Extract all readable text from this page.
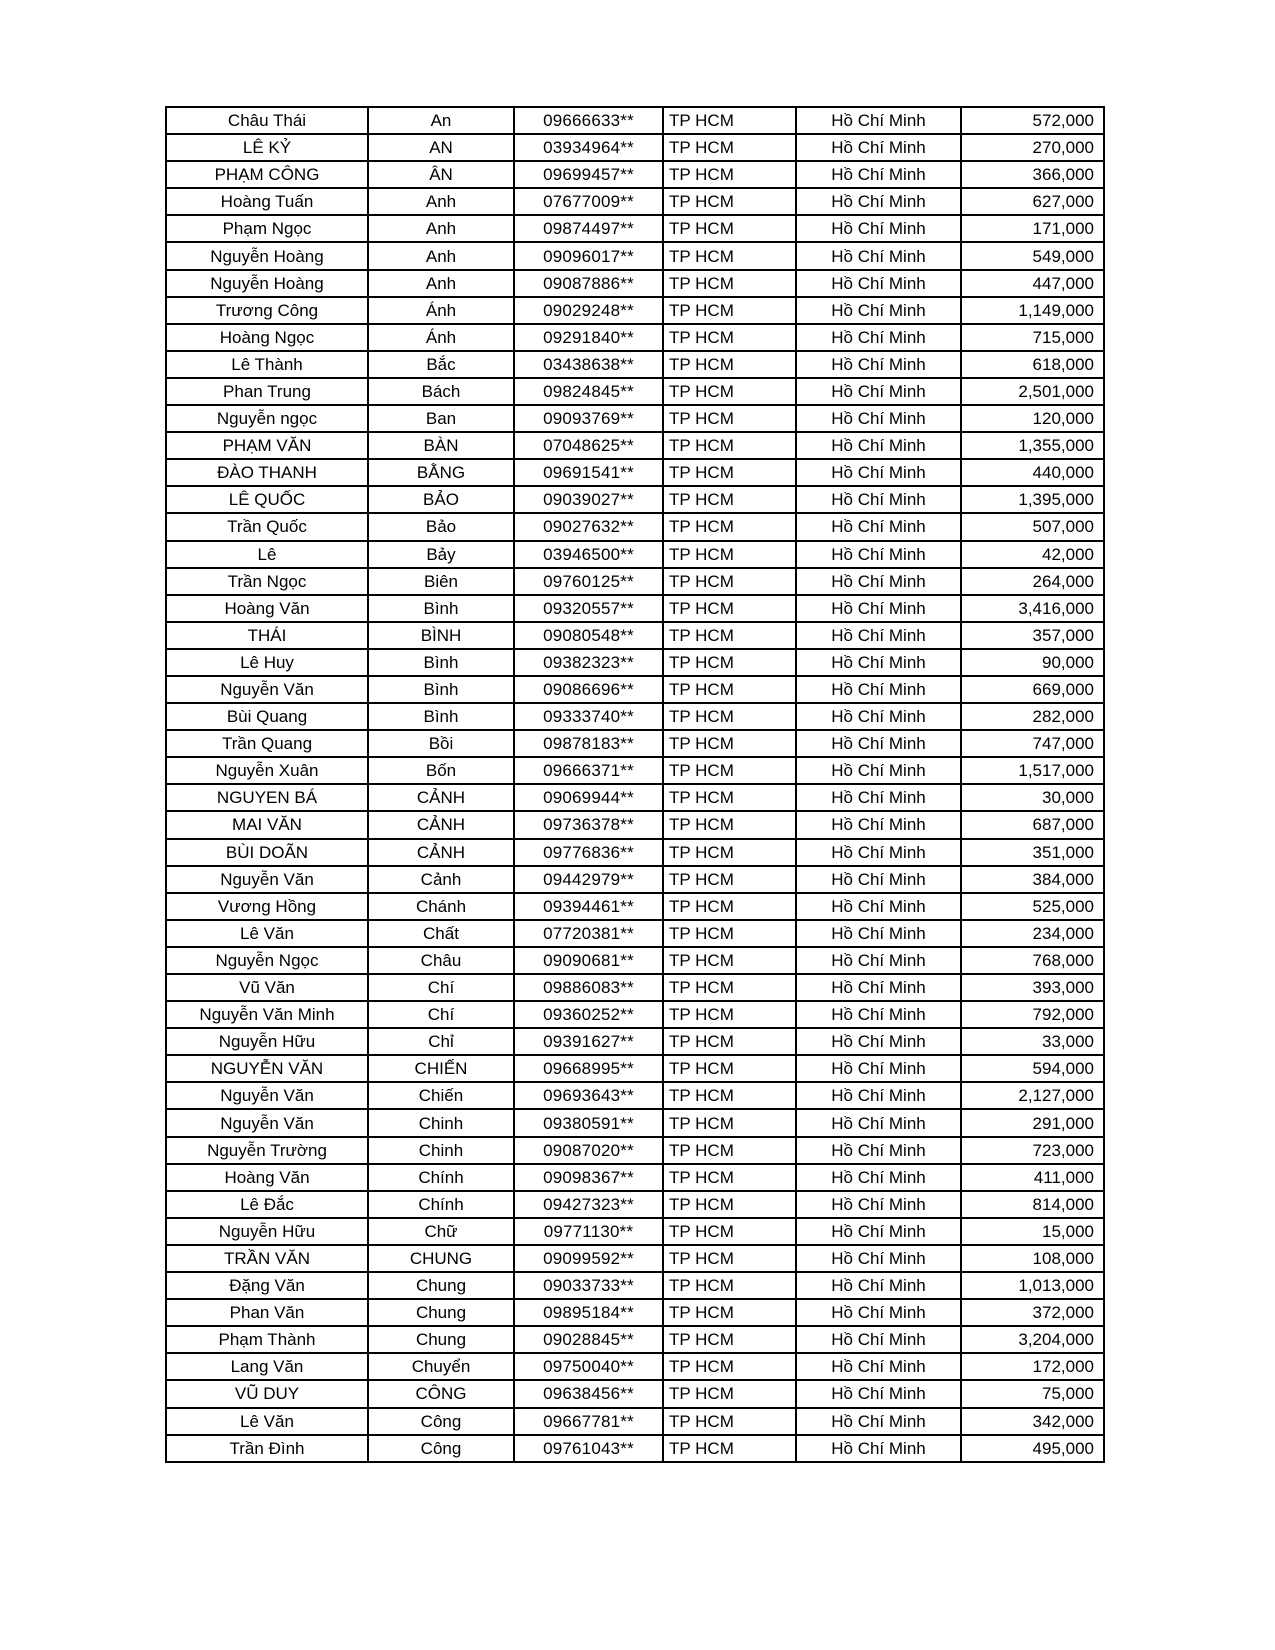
Châu Thái	An	09666633**	TP HCM	Hồ Chí Minh	572,000
LÊ KỶ	AN	03934964**	TP HCM	Hồ Chí Minh	270,000
PHẠM CÔNG	ÂN	09699457**	TP HCM	Hồ Chí Minh	366,000
Hoàng Tuấn	Anh	07677009**	TP HCM	Hồ Chí Minh	627,000
Phạm Ngọc	Anh	09874497**	TP HCM	Hồ Chí Minh	171,000
Nguyễn Hoàng	Anh	09096017**	TP HCM	Hồ Chí Minh	549,000
Nguyễn Hoàng	Anh	09087886**	TP HCM	Hồ Chí Minh	447,000
Trương Công	Ánh	09029248**	TP HCM	Hồ Chí Minh	1,149,000
Hoàng Ngọc	Ánh	09291840**	TP HCM	Hồ Chí Minh	715,000
Lê Thành	Bắc	03438638**	TP HCM	Hồ Chí Minh	618,000
Phan Trung	Bách	09824845**	TP HCM	Hồ Chí Minh	2,501,000
Nguyễn ngọc	Ban	09093769**	TP HCM	Hồ Chí Minh	120,000
PHẠM VĂN	BÀN	07048625**	TP HCM	Hồ Chí Minh	1,355,000
ĐÀO THANH	BẰNG	09691541**	TP HCM	Hồ Chí Minh	440,000
LÊ QUỐC	BẢO	09039027**	TP HCM	Hồ Chí Minh	1,395,000
Trần Quốc	Bảo	09027632**	TP HCM	Hồ Chí Minh	507,000
Lê	Bảy	03946500**	TP HCM	Hồ Chí Minh	42,000
Trần Ngọc	Biên	09760125**	TP HCM	Hồ Chí Minh	264,000
Hoàng Văn	Bình	09320557**	TP HCM	Hồ Chí Minh	3,416,000
THÁI	BÌNH	09080548**	TP HCM	Hồ Chí Minh	357,000
Lê Huy	Bình	09382323**	TP HCM	Hồ Chí Minh	90,000
Nguyễn Văn	Bình	09086696**	TP HCM	Hồ Chí Minh	669,000
Bùi Quang	Bình	09333740**	TP HCM	Hồ Chí Minh	282,000
Trần Quang	Bồi	09878183**	TP HCM	Hồ Chí Minh	747,000
Nguyễn Xuân	Bốn	09666371**	TP HCM	Hồ Chí Minh	1,517,000
NGUYEN BÁ	CẢNH	09069944**	TP HCM	Hồ Chí Minh	30,000
MAI VĂN	CẢNH	09736378**	TP HCM	Hồ Chí Minh	687,000
BÙI DOÃN	CẢNH	09776836**	TP HCM	Hồ Chí Minh	351,000
Nguyễn Văn	Cảnh	09442979**	TP HCM	Hồ Chí Minh	384,000
Vương Hồng	Chánh	09394461**	TP HCM	Hồ Chí Minh	525,000
Lê Văn	Chất	07720381**	TP HCM	Hồ Chí Minh	234,000
Nguyễn Ngọc	Châu	09090681**	TP HCM	Hồ Chí Minh	768,000
Vũ Văn	Chí	09886083**	TP HCM	Hồ Chí Minh	393,000
Nguyễn Văn Minh	Chí	09360252**	TP HCM	Hồ Chí Minh	792,000
Nguyễn Hữu	Chỉ	09391627**	TP HCM	Hồ Chí Minh	33,000
NGUYỄN VĂN	CHIẾN	09668995**	TP HCM	Hồ Chí Minh	594,000
Nguyễn Văn	Chiến	09693643**	TP HCM	Hồ Chí Minh	2,127,000
Nguyễn Văn	Chinh	09380591**	TP HCM	Hồ Chí Minh	291,000
Nguyễn Trường	Chinh	09087020**	TP HCM	Hồ Chí Minh	723,000
Hoàng Văn	Chính	09098367**	TP HCM	Hồ Chí Minh	411,000
Lê Đắc	Chính	09427323**	TP HCM	Hồ Chí Minh	814,000
Nguyễn Hữu	Chữ	09771130**	TP HCM	Hồ Chí Minh	15,000
TRẦN VĂN	CHUNG	09099592**	TP HCM	Hồ Chí Minh	108,000
Đặng Văn	Chung	09033733**	TP HCM	Hồ Chí Minh	1,013,000
Phan Văn	Chung	09895184**	TP HCM	Hồ Chí Minh	372,000
Phạm Thành	Chung	09028845**	TP HCM	Hồ Chí Minh	3,204,000
Lang Văn	Chuyển	09750040**	TP HCM	Hồ Chí Minh	172,000
VŨ DUY	CÔNG	09638456**	TP HCM	Hồ Chí Minh	75,000
Lê Văn	Công	09667781**	TP HCM	Hồ Chí Minh	342,000
Trần Đình	Công	09761043**	TP HCM	Hồ Chí Minh	495,000
